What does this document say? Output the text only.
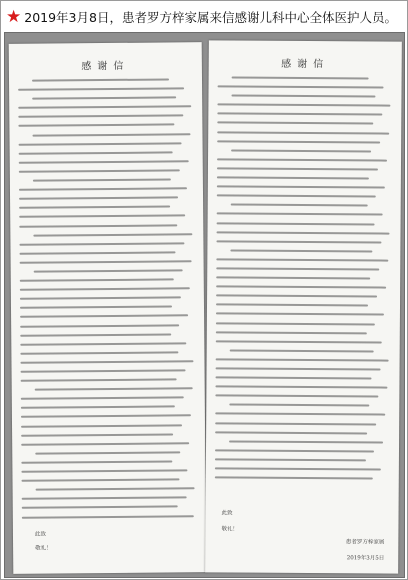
★ 2019年3月8日，患者罗方梓家属来信感谢儿科中心全体医护人员。
感谢信
此致
敬礼！
感谢信
此致
敬礼！
患者罗方梓家属
2019年3月5日
